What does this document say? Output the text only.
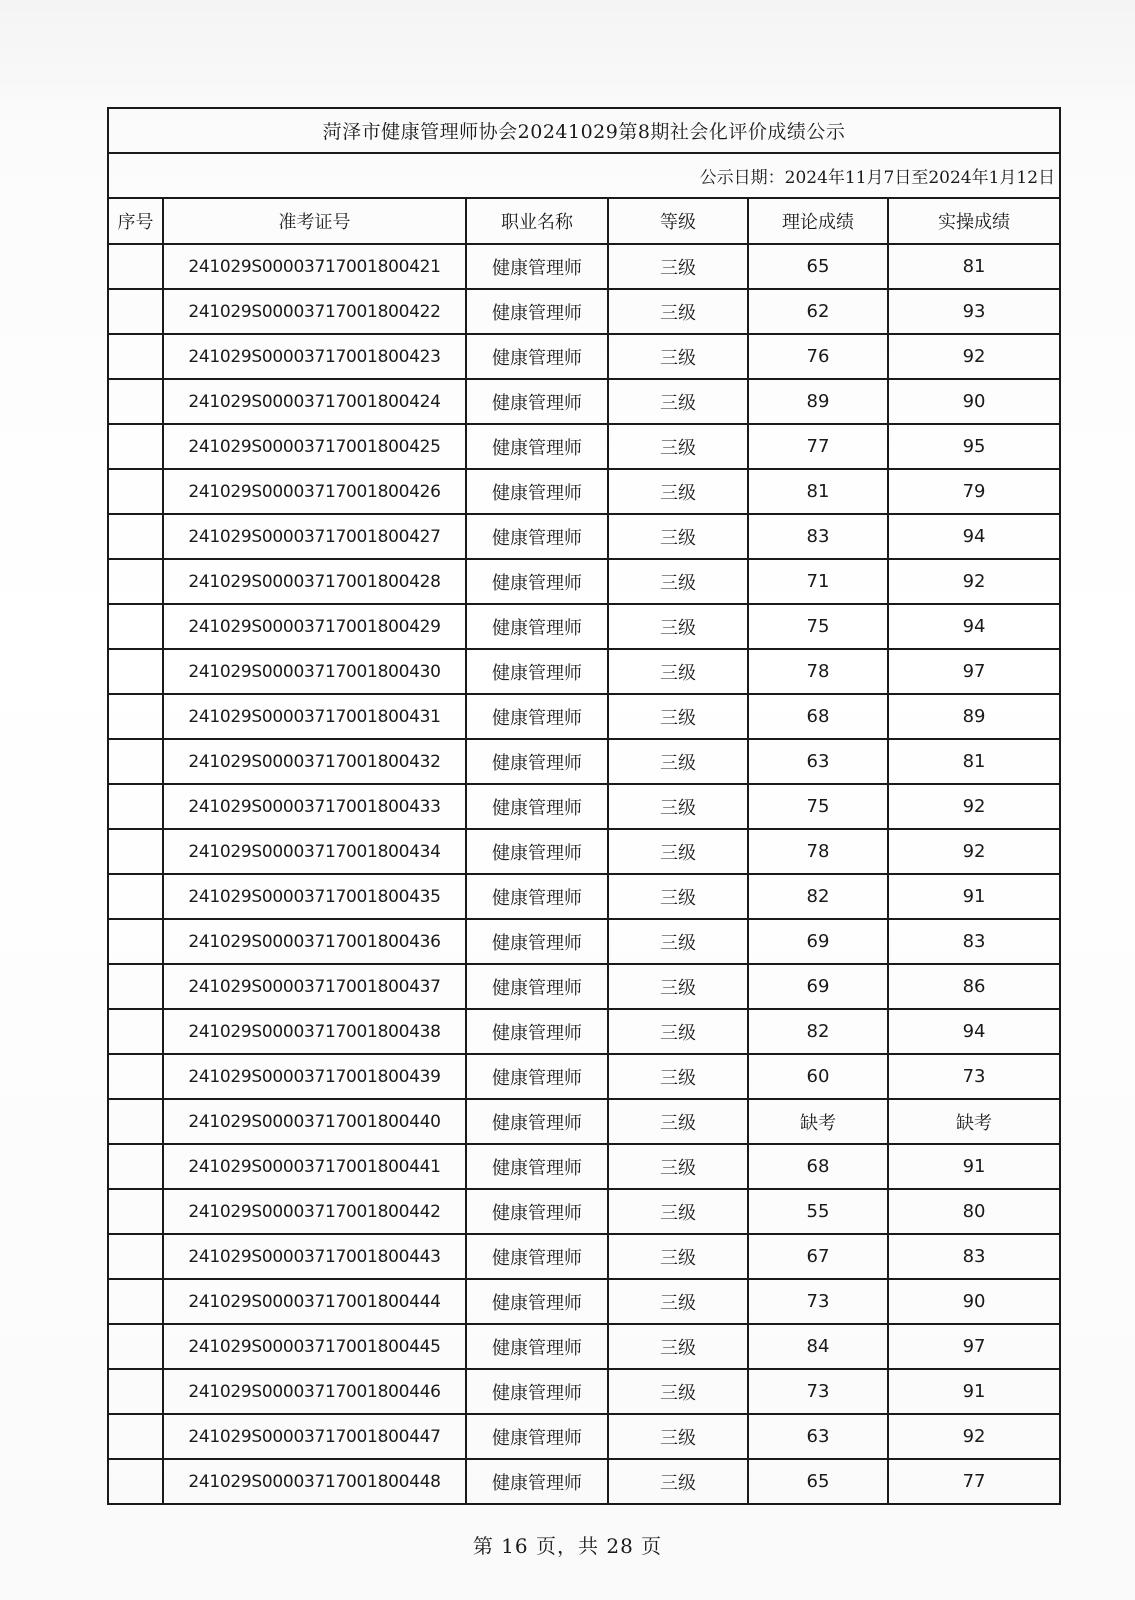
菏泽市健康管理师协会20241029第8期社会化评价成绩公示					
公示日期：2024年11月7日至2024年1月12日					
序号	准考证号	职业名称	等级	理论成绩	实操成绩
	241029S00003717001800421	健康管理师	三级	65	81
	241029S00003717001800422	健康管理师	三级	62	93
	241029S00003717001800423	健康管理师	三级	76	92
	241029S00003717001800424	健康管理师	三级	89	90
	241029S00003717001800425	健康管理师	三级	77	95
	241029S00003717001800426	健康管理师	三级	81	79
	241029S00003717001800427	健康管理师	三级	83	94
	241029S00003717001800428	健康管理师	三级	71	92
	241029S00003717001800429	健康管理师	三级	75	94
	241029S00003717001800430	健康管理师	三级	78	97
	241029S00003717001800431	健康管理师	三级	68	89
	241029S00003717001800432	健康管理师	三级	63	81
	241029S00003717001800433	健康管理师	三级	75	92
	241029S00003717001800434	健康管理师	三级	78	92
	241029S00003717001800435	健康管理师	三级	82	91
	241029S00003717001800436	健康管理师	三级	69	83
	241029S00003717001800437	健康管理师	三级	69	86
	241029S00003717001800438	健康管理师	三级	82	94
	241029S00003717001800439	健康管理师	三级	60	73
	241029S00003717001800440	健康管理师	三级	缺考	缺考
	241029S00003717001800441	健康管理师	三级	68	91
	241029S00003717001800442	健康管理师	三级	55	80
	241029S00003717001800443	健康管理师	三级	67	83
	241029S00003717001800444	健康管理师	三级	73	90
	241029S00003717001800445	健康管理师	三级	84	97
	241029S00003717001800446	健康管理师	三级	73	91
	241029S00003717001800447	健康管理师	三级	63	92
	241029S00003717001800448	健康管理师	三级	65	77
第 16 页，共 28 页
